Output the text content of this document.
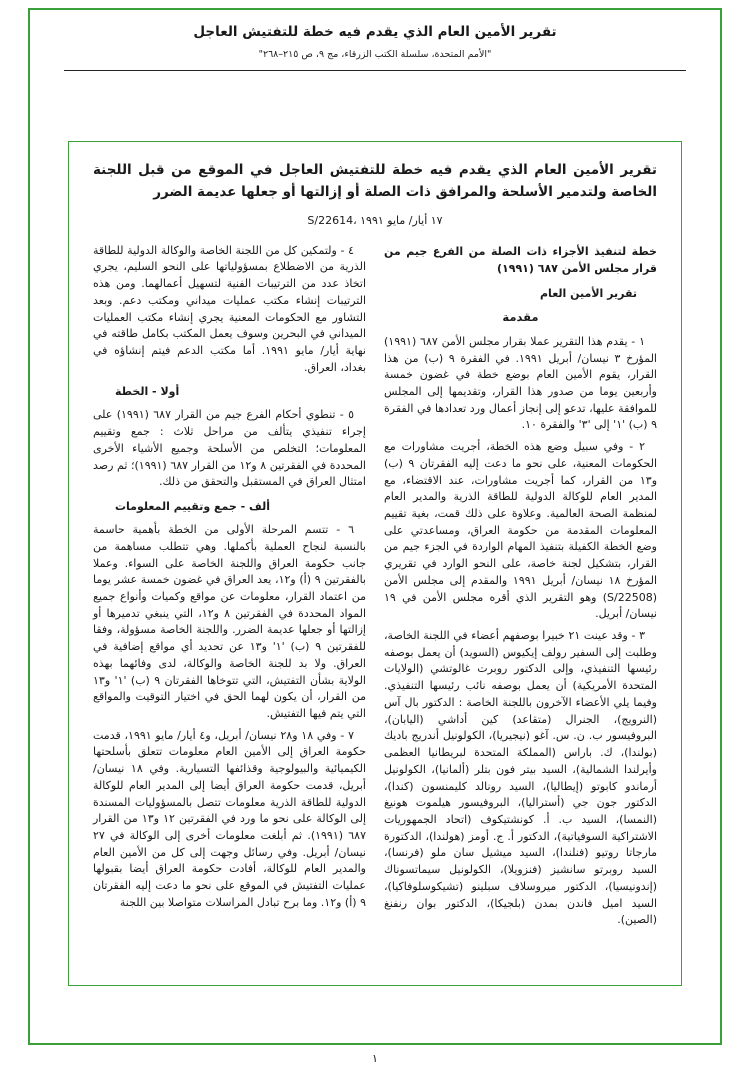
تقرير الأمين العام الذي يقدم فيه خطة للتفتيش العاجل
"الأمم المتحدة، سلسلة الكتب الزرقاء، مج ٩، ص ٢١٥–٢٦٨"
تقرير الأمين العام الذي يقدم فيه خطة للتفتيش العاجل في الموقع من قبل اللجنة الخاصة ولتدمير الأسلحة والمرافق ذات الصلة أو إزالتها أو جعلها عديمة الضرر
S/22614، ١٧ أيار/ مايو ١٩٩١
خطة لتنفيذ الأجزاء ذات الصلة من الفرع جيم من قرار مجلس الأمن ٦٨٧ (١٩٩١)
تقرير الأمين العام
مقدمة

١ - يقدم هذا التقرير عملا بقرار مجلس الأمن ٦٨٧ (١٩٩١) المؤرخ ٣ نيسان/ أبريل ١٩٩١. في الفقرة ٩ (ب) من هذا القرار، يقوم الأمين العام بوضع خطة في غضون خمسة وأربعين يوما من صدور هذا القرار، وتقديمها إلى المجلس للموافقة عليها، تدعو إلى إنجاز أعمال ورد تعدادها في الفقرة ٩ (ب) '١' إلى '٣' والفقرة ١٠.

٢ - وفي سبيل وضع هذه الخطة، أجريت مشاورات مع الحكومات المعنية، على نحو ما دعت إليه الفقرتان ٩ (ب) و١٣ من القرار، كما أجريت مشاورات، عند الاقتضاء، مع المدير العام للوكالة الدولية للطاقة الذرية والمدير العام لمنظمة الصحة العالمية. وعلاوة على ذلك قمت، بغية تقييم المعلومات المقدمة من حكومة العراق، ومساعدتي على وضع الخطة الكفيلة بتنفيذ المهام الواردة في الجزء جيم من القرار، بتشكيل لجنة خاصة، على النحو الوارد في تقريري المؤرخ ١٨ نيسان/ أبريل ١٩٩١ والمقدم إلى مجلس الأمن (S/22508) وهو التقرير الذي أقره مجلس الأمن في ١٩ نيسان/ أبريل.

٣ - وقد عينت ٢١ خبيرا بوصفهم أعضاء في اللجنة الخاصة، وطلبت إلى السفير رولف إيكيوس (السويد) أن يعمل بوصفه رئيسها التنفيذي، وإلى الدكتور روبرت غالوتشي (الولايات المتحدة الأمريكية) أن يعمل بوصفه نائب رئيسها التنفيذي. وفيما يلي الأعضاء الآخرون باللجنة الخاصة : الدكتور بال آس (النرويج)، الجنرال (متقاعد) كين أداشي (اليابان)، البروفيسور ب. ن. س. آغو (نيجيريا)، الكولونيل أندريج باديك (بولندا)، ك. باراس (المملكة المتحدة لبريطانيا العظمى وأيرلندا الشمالية)، السيد بيتر فون بتلر (ألمانيا)، الكولونيل أرماندو كابوتو (إيطاليا)، السيد رونالد كليمنسون (كندا)، الدكتور جون جي (أستراليا)، البروفيسور هيلموت هونيغ (النمسا)، السيد ب. أ. كونشتيكوف (اتحاد الجمهوريات الاشتراكية السوفياتية)، الدكتور أ. ج. أومز (هولندا)، الدكتورة مارجاتا روتيو (فنلندا)، السيد ميشيل سان ملو (فرنسا)، السيد روبرتو سانشيز (فنزويلا)، الكولونيل سيماتسوناك (إندونيسيا)، الدكتور ميروسلاف سبلينو (تشيكوسلوفاكيا)، السيد اميل فاندن بمدن (بلجيكا)، الدكتور بوان رنفنغ (الصين).

٤ - ولتمكين كل من اللجنة الخاصة والوكالة الدولية للطاقة الذرية من الاضطلاع بمسؤولياتها على النحو السليم، يجري اتخاذ عدد من الترتيبات الفنية لتسهيل أعمالهما. ومن هذه الترتيبات إنشاء مكتب عمليات ميداني ومكتب دعم. وبعد التشاور مع الحكومات المعنية يجري إنشاء مكتب العمليات الميداني في البحرين وسوف يعمل المكتب بكامل طاقته في نهاية أيار/ مايو ١٩٩١. أما مكتب الدعم فيتم إنشاؤه في بغداد، العراق.

أولا - الخطة

٥ - تنطوي أحكام الفرع جيم من القرار ٦٨٧ (١٩٩١) على إجراء تنفيذي يتألف من مراحل ثلاث : جمع وتقييم المعلومات؛ التخلص من الأسلحة وجميع الأشياء الأخرى المحددة في الفقرتين ٨ و١٢ من القرار ٦٨٧ (١٩٩١)؛ ثم رصد امتثال العراق في المستقبل والتحقق من ذلك.

ألف - جمع وتقييم المعلومات

٦ - تتسم المرحلة الأولى من الخطة بأهمية حاسمة بالنسبة لنجاح العملية بأكملها. وهي تتطلب مساهمة من جانب حكومة العراق واللجنة الخاصة على السواء. وعملا بالفقرتين ٩ (أ) و١٢، يعد العراق في غضون خمسة عشر يوما من اعتماد القرار، معلومات عن مواقع وكميات وأنواع جميع المواد المحددة في الفقرتين ٨ و١٢، التي ينبغي تدميرها أو إزالتها أو جعلها عديمة الضرر. واللجنة الخاصة مسؤولة، وفقا للفقرتين ٩ (ب) '١' و١٣ عن تحديد أي مواقع إضافية في العراق. ولا بد للجنة الخاصة والوكالة، لدى وفائهما بهذه الولاية بشأن التفتيش، التي تتوخاها الفقرتان ٩ (ب) '١' و١٣ من القرار، أن يكون لهما الحق في اختيار التوقيت والمواقع التي يتم فيها التفتيش.

٧ - وفي ١٨ و٢٨ نيسان/ أبريل، و٤ أيار/ مايو ١٩٩١، قدمت حكومة العراق إلى الأمين العام معلومات تتعلق بأسلحتها الكيميائية والبيولوجية وقذائفها التسيارية. وفي ١٨ نيسان/ أبريل، قدمت حكومة العراق أيضا إلى المدير العام للوكالة الدولية للطاقة الذرية معلومات تتصل بالمسؤوليات المسندة إلى الوكالة على نحو ما ورد في الفقرتين ١٢ و١٣ من القرار ٦٨٧ (١٩٩١). ثم أبلغت معلومات أخرى إلى الوكالة في ٢٧ نيسان/ أبريل. وفي رسائل وجهت إلى كل من الأمين العام والمدير العام للوكالة، أفادت حكومة العراق أيضا بقبولها عمليات التفتيش في الموقع على نحو ما دعت إليه الفقرتان ٩ (أ) و١٢. وما برح تبادل المراسلات متواصلا بين اللجنة

١
